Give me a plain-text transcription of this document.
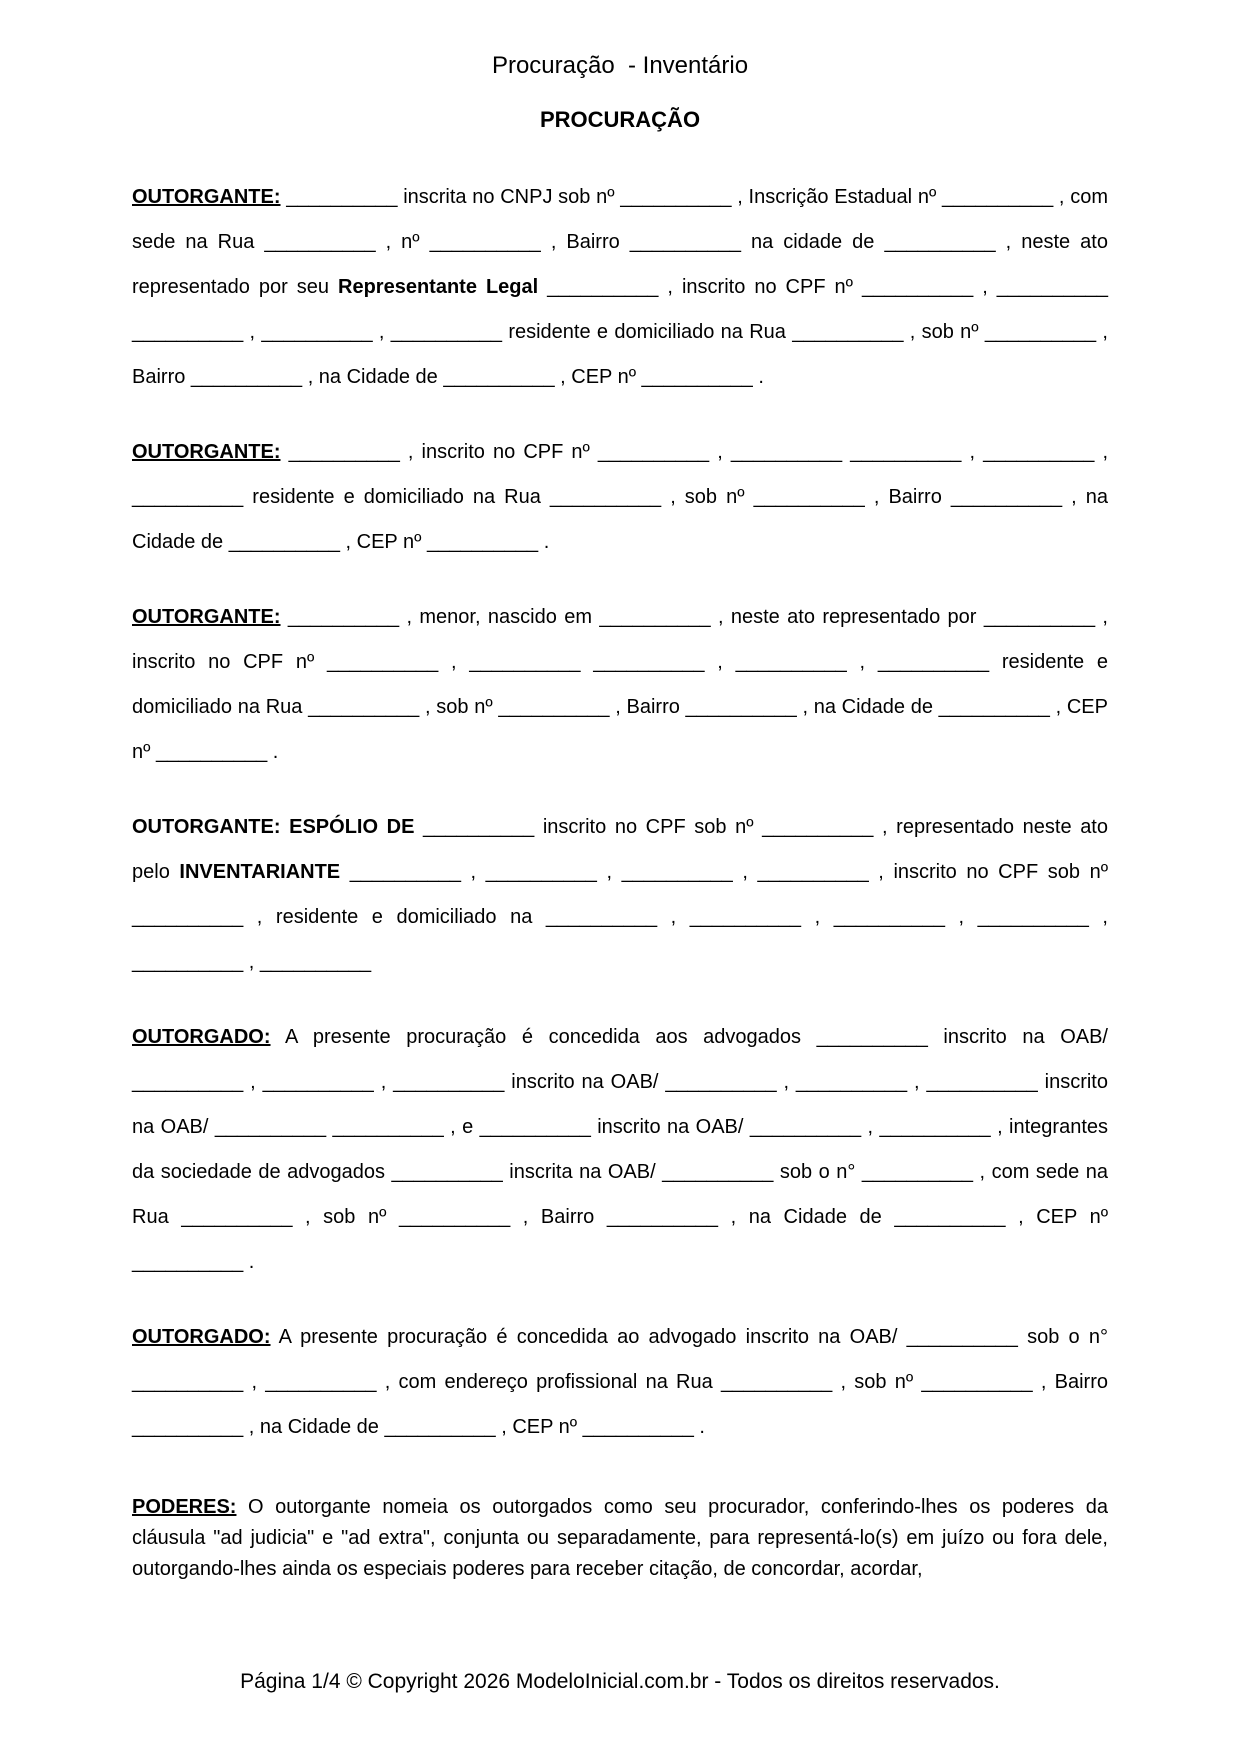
Procuração  - Inventário
PROCURAÇÃO

OUTORGANTE: __________ inscrita no CNPJ sob nº __________ , Inscrição Estadual nº __________ , com sede na Rua __________ , nº __________ , Bairro __________ na cidade de __________ , neste ato representado por seu Representante Legal __________ , inscrito no CPF nº __________ , __________ __________ , __________ , __________ residente e domiciliado na Rua __________ , sob nº __________ , Bairro __________ , na Cidade de __________ , CEP nº __________ .

OUTORGANTE: __________ , inscrito no CPF nº __________ , __________ __________ , __________ , __________ residente e domiciliado na Rua __________ , sob nº __________ , Bairro __________ , na Cidade de __________ , CEP nº __________ .

OUTORGANTE: __________ , menor, nascido em __________ , neste ato representado por __________ , inscrito no CPF nº __________ , __________ __________ , __________ , __________ residente e domiciliado na Rua __________ , sob nº __________ , Bairro __________ , na Cidade de __________ , CEP nº __________ .

OUTORGANTE: ESPÓLIO DE __________ inscrito no CPF sob nº __________ , representado neste ato pelo INVENTARIANTE __________ , __________ , __________ , __________ , inscrito no CPF sob nº __________ , residente e domiciliado na __________ , __________ , __________ , __________ , __________ , __________

OUTORGADO: A presente procuração é concedida aos advogados __________ inscrito na OAB/ __________ , __________ , __________ inscrito na OAB/ __________ , __________ , __________ inscrito na OAB/ __________ __________ , e __________ inscrito na OAB/ __________ , __________ , integrantes da sociedade de advogados __________ inscrita na OAB/ __________ sob o n° __________ , com sede na Rua __________ , sob nº __________ , Bairro __________ , na Cidade de __________ , CEP nº __________ .

OUTORGADO: A presente procuração é concedida ao advogado inscrito na OAB/ __________ sob o n° __________ , __________ , com endereço profissional na Rua __________ , sob nº __________ , Bairro __________ , na Cidade de __________ , CEP nº __________ .

PODERES: O outorgante nomeia os outorgados como seu procurador, conferindo-lhes os poderes da cláusula "ad judicia" e "ad extra", conjunta ou separadamente, para representá-lo(s) em juízo ou fora dele, outorgando-lhes ainda os especiais poderes para receber citação, de concordar, acordar,

Página 1/4 © Copyright 2026 ModeloInicial.com.br - Todos os direitos reservados.
